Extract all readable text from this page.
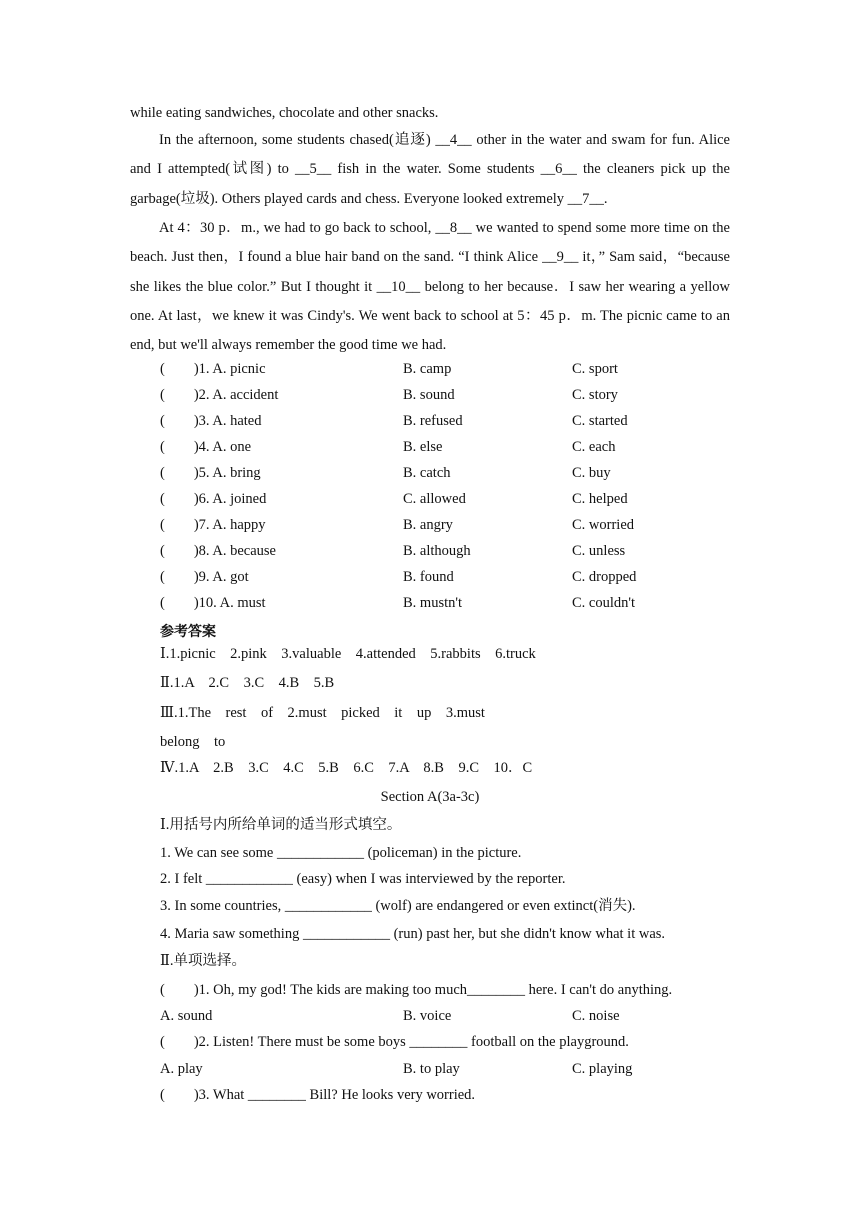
while eating sandwiches, chocolate and other snacks.
In the afternoon, some students chased(追逐) __4__ other in the water and swam for fun. Alice and I attempted(试图) to __5__ fish in the water. Some students __6__ the cleaners pick up the garbage(垃圾). Others played cards and chess. Everyone looked extremely __7__.
At 4：30 p．m., we had to go back to school, __8__ we wanted to spend some more time on the beach. Just then，I found a blue hair band on the sand. “I think Alice __9__ it，” Sam said，“because she likes the blue color.” But I thought it __10__ belong to her because．I saw her wearing a yellow one. At last，we knew it was Cindy's. We went back to school at 5：45 p．m. The picnic came to an end, but we'll always remember the good time we had.
(　　)1. A. picnic	B. camp	C. sport
(　　)2. A. accident	B. sound	C. story
(　　)3. A. hated	B. refused	C. started
(　　)4. A. one	B. else	C. each
(　　)5. A. bring	B. catch	C. buy
(　　)6. A. joined	C. allowed	C. helped
(　　)7. A. happy	B. angry	C. worried
(　　)8. A. because	B. although	C. unless
(　　)9. A. got	B. found	C. dropped
(　　)10. A. must	B. mustn't	C. couldn't
参考答案
Ⅰ.1.picnic　2.pink　3.valuable　4.attended　5.rabbits　6.truck
Ⅱ.1.A　2.C　3.C　4.B　5.B
Ⅲ.1.The　rest　of　2.must　picked　it　up　3.must
belong　to
Ⅳ.1.A　2.B　3.C　4.C　5.B　6.C　7.A　8.B　9.C　10．C
Section A(3a-3c)
Ⅰ.用括号内所给单词的适当形式填空。
1. We can see some ____________ (policeman) in the picture.
2. I felt ____________ (easy) when I was interviewed by the reporter.
3. In some countries, ____________ (wolf) are endangered or even extinct(消失).
4. Maria saw something ____________ (run) past her, but she didn't know what it was.
Ⅱ.单项选择。
(　　)1. Oh, my god! The kids are making too much________ here. I can't do anything.
A. sound	B. voice	C. noise
(　　)2. Listen! There must be some boys ________ football on the playground.
A. play	B. to play	C. playing
(　　)3. What ________ Bill? He looks very worried.
